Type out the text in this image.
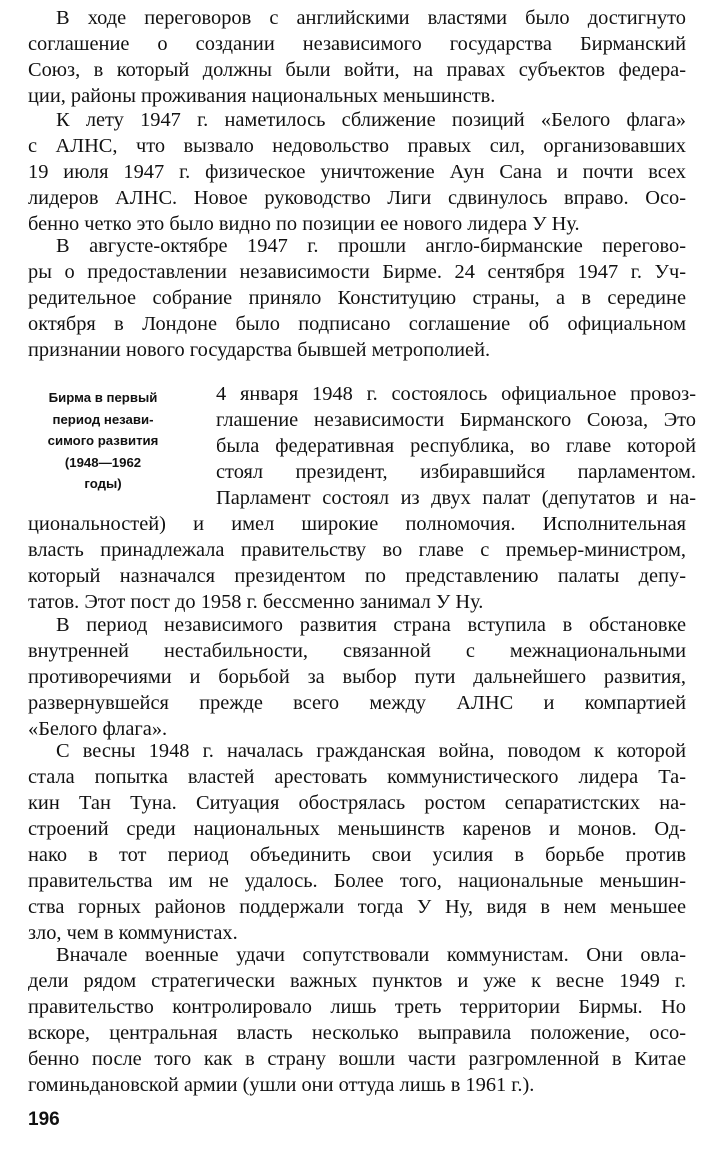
В ходе переговоров с английскими властями было достигнуто
соглашение о создании независимого государства Бирманский
Союз, в который должны были войти, на правах субъектов федера-
ции, районы проживания национальных меньшинств.
К лету 1947 г. наметилось сближение позиций «Белого флага»
с АЛНС, что вызвало недовольство правых сил, организовавших
19 июля 1947 г. физическое уничтожение Аун Сана и почти всех
лидеров АЛНС. Новое руководство Лиги сдвинулось вправо. Осо-
бенно четко это было видно по позиции ее нового лидера У Ну.
В августе-октябре 1947 г. прошли англо-бирманские перегово-
ры о предоставлении независимости Бирме. 24 сентября 1947 г. Уч-
редительное собрание приняло Конституцию страны, а в середине
октября в Лондоне было подписано соглашение об официальном
признании нового государства бывшей метрополией.
Бирма в первый
период незави-
симого развития
(1948—1962
годы)
4 января 1948 г. состоялось официальное провоз-
глашение независимости Бирманского Союза, Это
была федеративная республика, во главе которой
стоял президент, избиравшийся парламентом.
Парламент состоял из двух палат (депутатов и на-
циональностей) и имел широкие полномочия. Исполнительная
власть принадлежала правительству во главе с премьер-министром,
который назначался президентом по представлению палаты депу-
татов. Этот пост до 1958 г. бессменно занимал У Ну.
В период независимого развития страна вступила в обстановке
внутренней нестабильности, связанной с межнациональными
противоречиями и борьбой за выбор пути дальнейшего развития,
развернувшейся прежде всего между АЛНС и компартией
«Белого флага».
С весны 1948 г. началась гражданская война, поводом к которой
стала попытка властей арестовать коммунистического лидера Та-
кин Тан Туна. Ситуация обострялась ростом сепаратистских на-
строений среди национальных меньшинств каренов и монов. Од-
нако в тот период объединить свои усилия в борьбе против
правительства им не удалось. Более того, национальные меньшин-
ства горных районов поддержали тогда У Ну, видя в нем меньшее
зло, чем в коммунистах.
Вначале военные удачи сопутствовали коммунистам. Они овла-
дели рядом стратегически важных пунктов и уже к весне 1949 г.
правительство контролировало лишь треть территории Бирмы. Но
вскоре, центральная власть несколько выправила положение, осо-
бенно после того как в страну вошли части разгромленной в Китае
гоминьдановской армии (ушли они оттуда лишь в 1961 г.).
196
